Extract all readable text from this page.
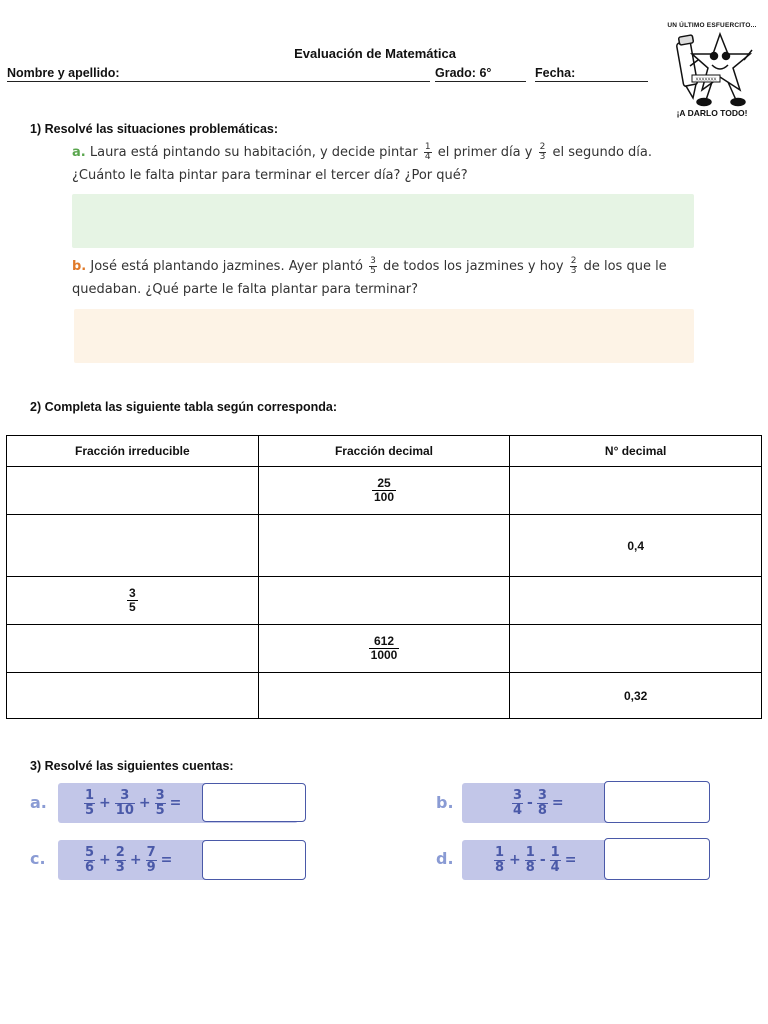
Evaluación de Matemática
Nombre y apellido:	Grado: 6°	Fecha:
UN ÚLTIMO ESFUERCITO...
XXXXXXX
¡A DARLO TODO!
1) Resolvé las situaciones problemáticas:
a. Laura está pintando su habitación, y decide pintar $\frac{1}{4}$ el primer día y $\frac{2}{3}$ el segundo día.
¿Cuánto le falta pintar para terminar el tercer día? ¿Por qué?
b. José está plantando jazmines. Ayer plantó $\frac{3}{5}$ de todos los jazmines y hoy $\frac{2}{3}$ de los que le
quedaban. ¿Qué parte le falta plantar para terminar?
2) Completa las siguiente tabla según corresponda:
Fracción irreducible	Fracción decimal	N° decimal

	$\frac{25}{100}$

		0,4

$\frac{3}{5}$

	$\frac{612}{1000}$

		0,32
3) Resolvé las siguientes cuentas:
a.	1
$5 + \frac{3}{10} + \frac{3}{5}$ =	b.	3
$4 - \frac{3}{8}$ =
c.	5
$6 + \frac{2}{3} + \frac{7}{9}$ =	d.	1
$8 + \frac{1}{8} - \frac{1}{4}$ =
